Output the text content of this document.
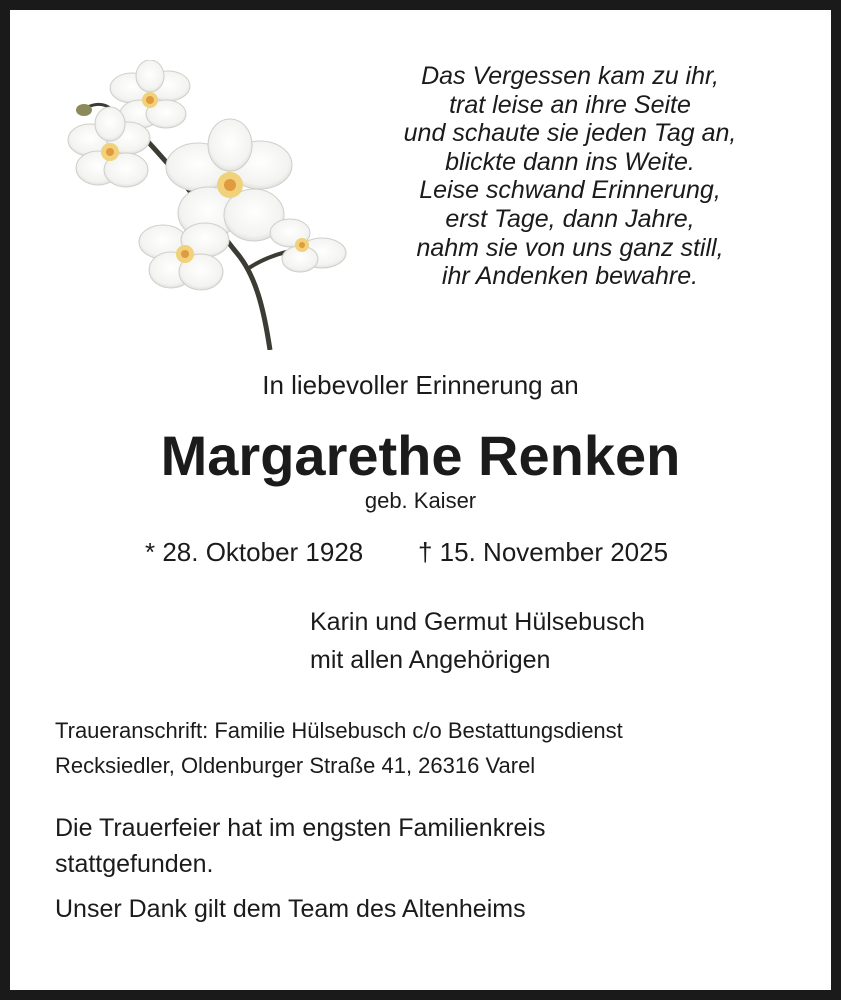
Das Vergessen kam zu ihr,
trat leise an ihre Seite
und schaute sie jeden Tag an,
blickte dann ins Weite.
Leise schwand Erinnerung,
erst Tage, dann Jahre,
nahm sie von uns ganz still,
ihr Andenken bewahre.
In liebevoller Erinnerung an
Margarethe Renken
geb. Kaiser
* 28. Oktober 1928 † 15. November 2025
Karin und Germut Hülsebusch
mit allen Angehörigen
Traueranschrift: Familie Hülsebusch c/o Bestattungsdienst
Recksiedler, Oldenburger Straße 41, 26316 Varel
Die Trauerfeier hat im engsten Familienkreis stattgefunden.
Unser Dank gilt dem Team des Altenheims
